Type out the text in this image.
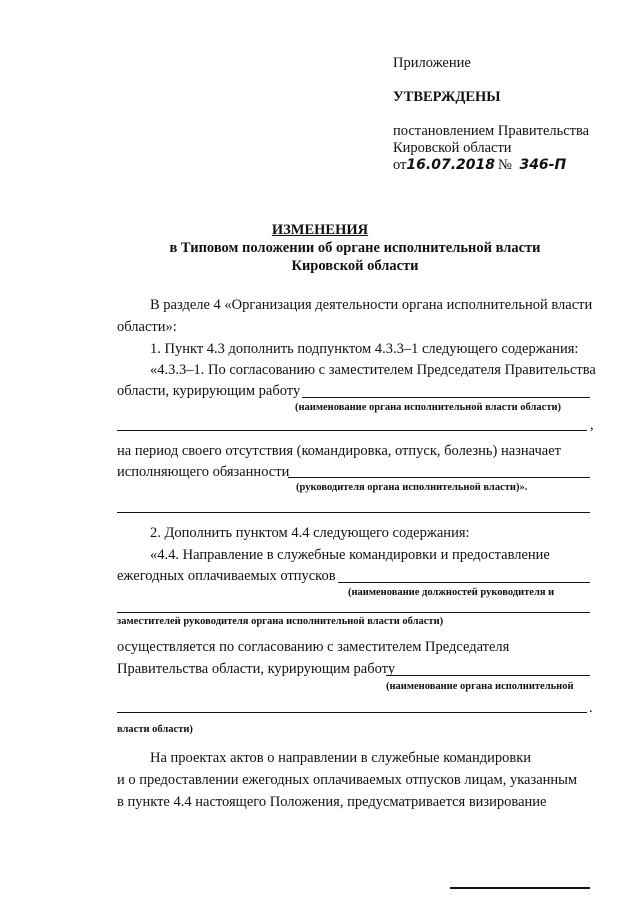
Приложение
УТВЕРЖДЕНЫ
постановлением Правительства
Кировской области
от16.07.2018 № 346-П
ИЗМЕНЕНИЯ
в Типовом положении об органе исполнительной власти
Кировской области
В разделе 4 «Организация деятельности органа исполнительной власти
области»:
1. Пункт 4.3 дополнить подпунктом 4.3.3–1 следующего содержания:
«4.3.3–1. По согласованию с заместителем Председателя Правительства
области, курирующим работу
(наименование органа исполнительной власти области)
,
на период своего отсутствия (командировка, отпуск, болезнь) назначает
исполняющего обязанности
(руководителя органа исполнительной власти)».
2. Дополнить пунктом 4.4 следующего содержания:
«4.4. Направление в служебные командировки и предоставление
ежегодных оплачиваемых отпусков
(наименование должностей руководителя и
заместителей руководителя органа исполнительной власти области)
осуществляется по согласованию с заместителем Председателя
Правительства области, курирующим работу
(наименование органа исполнительной
.
власти области)
На проектах актов о направлении в служебные командировки
и о предоставлении ежегодных оплачиваемых отпусков лицам, указанным
в пункте 4.4 настоящего Положения, предусматривается визирование
